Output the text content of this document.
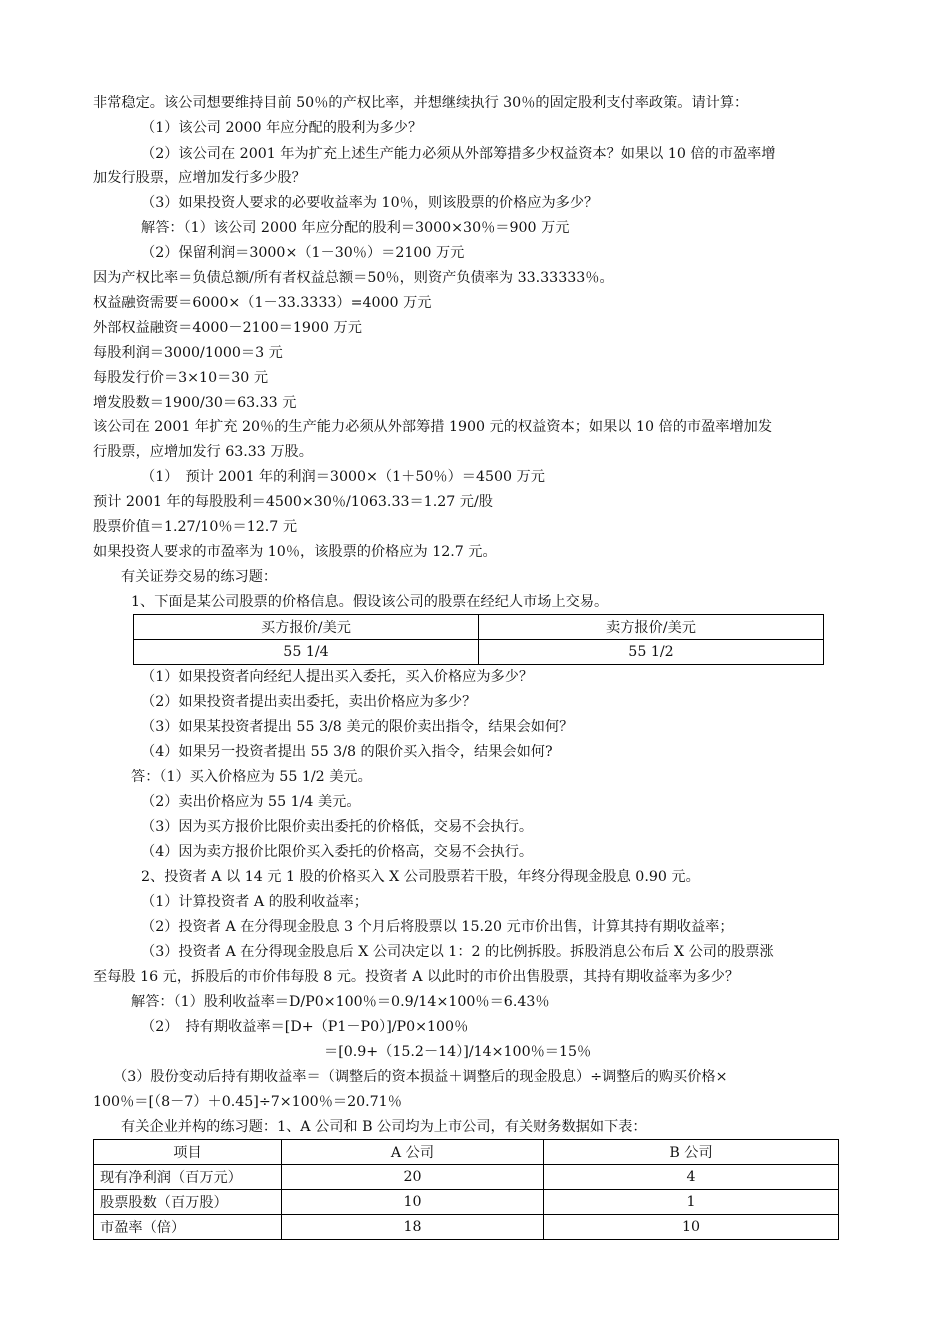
非常稳定。该公司想要维持目前 50％的产权比率，并想继续执行 30％的固定股利支付率政策。请计算：
（1）该公司 2000 年应分配的股利为多少？
（2）该公司在 2001 年为扩充上述生产能力必须从外部筹措多少权益资本？如果以 10 倍的市盈率增
加发行股票，应增加发行多少股？
（3）如果投资人要求的必要收益率为 10％，则该股票的价格应为多少？
解答：（1）该公司 2000 年应分配的股利＝3000×30％＝900 万元
（2）保留利润＝3000×（1－30％）＝2100 万元
因为产权比率＝负债总额/所有者权益总额＝50％，则资产负债率为 33.33333％。
权益融资需要＝6000×（1－33.3333）=4000 万元
外部权益融资＝4000－2100＝1900 万元
每股利润＝3000/1000＝3 元
每股发行价＝3×10＝30 元
增发股数＝1900/30＝63.33 元
该公司在 2001 年扩充 20％的生产能力必须从外部筹措 1900 元的权益资本；如果以 10 倍的市盈率增加发
行股票，应增加发行 63.33 万股。
（1）　预计 2001 年的利润＝3000×（1＋50％）＝4500 万元
预计 2001 年的每股股利＝4500×30％/1063.33＝1.27 元/股
股票价值＝1.27/10％＝12.7 元
如果投资人要求的市盈率为 10％，该股票的价格应为 12.7 元。
有关证券交易的练习题：
1、下面是某公司股票的价格信息。假设该公司的股票在经纪人市场上交易。
买方报价/美元	卖方报价/美元
55 1/4	55 1/2
（1）如果投资者向经纪人提出买入委托，买入价格应为多少？
（2）如果投资者提出卖出委托，卖出价格应为多少？
（3）如果某投资者提出 55 3/8 美元的限价卖出指令，结果会如何？
（4）如果另一投资者提出 55 3/8 的限价买入指令，结果会如何?
答：（1）买入价格应为 55 1/2 美元。
（2）卖出价格应为 55 1/4 美元。
（3）因为买方报价比限价卖出委托的价格低，交易不会执行。
（4）因为卖方报价比限价买入委托的价格高，交易不会执行。
2、投资者 A 以 14 元 1 股的价格买入 X 公司股票若干股，年终分得现金股息 0.90 元。
（1）计算投资者 A 的股利收益率；
（2）投资者 A 在分得现金股息 3 个月后将股票以 15.20 元市价出售，计算其持有期收益率；
（3）投资者 A 在分得现金股息后 X 公司决定以 1：2 的比例拆股。拆股消息公布后 X 公司的股票涨
至每股 16 元，拆股后的市价伟每股 8 元。投资者 A 以此时的市价出售股票，其持有期收益率为多少？
解答：（1）股利收益率＝D/P0×100％＝0.9/14×100％＝6.43％
（2）　持有期收益率＝[D+（P1－P0）]/P0×100％
＝[0.9+（15.2－14）]/14×100％＝15％
（3）股份变动后持有期收益率＝（调整后的资本损益＋调整后的现金股息）÷调整后的购买价格×
100％＝[（8－7）＋0.45]÷7×100％＝20.71％
有关企业并构的练习题：1、A 公司和 B 公司均为上市公司，有关财务数据如下表：
项目	A 公司	B 公司
现有净利润（百万元）	20	4
股票股数（百万股）	10	1
市盈率（倍）	18	10
